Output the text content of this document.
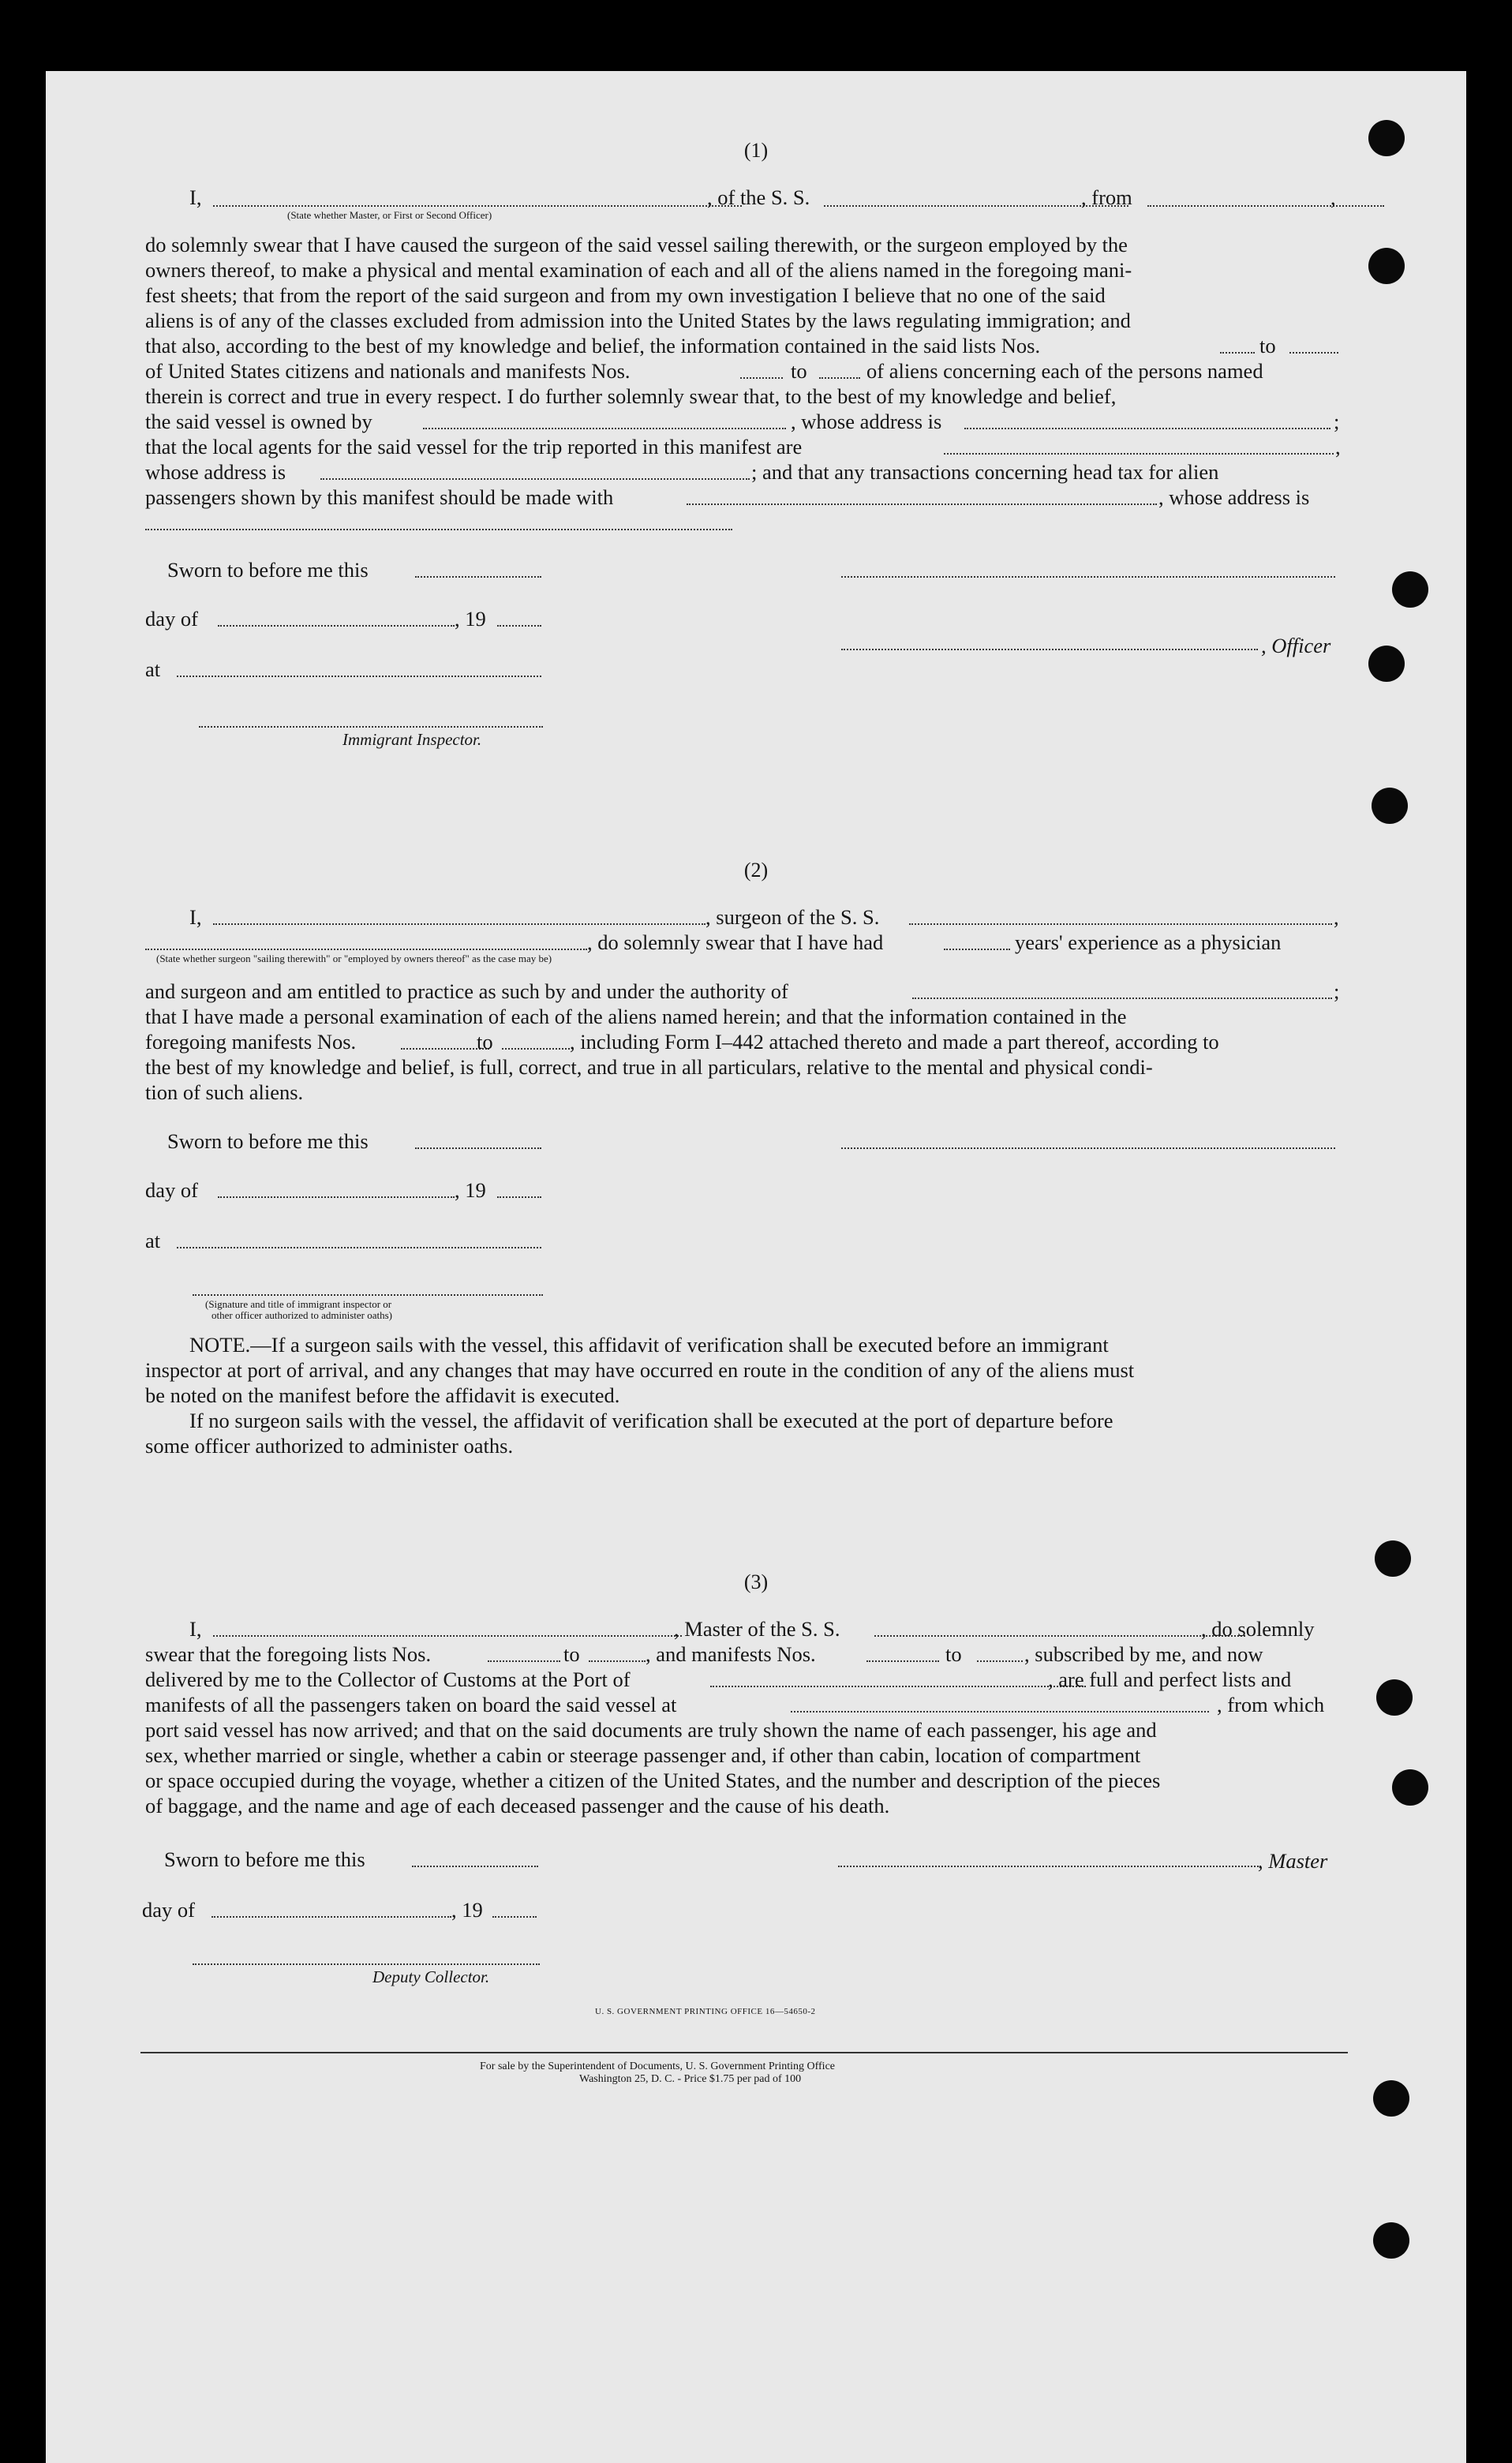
(1)
I,	, of the S. S.	, from	,
(State whether Master, or First or Second Officer)
do solemnly swear that I have caused the surgeon of the said vessel sailing therewith, or the surgeon employed by the
owners thereof, to make a physical and mental examination of each and all of the aliens named in the foregoing mani-
fest sheets; that from the report of the said surgeon and from my own investigation I believe that no one of the said
aliens is of any of the classes excluded from admission into the United States by the laws regulating immigration; and
that also, according to the best of my knowledge and belief, the information contained in the said lists Nos.	to
of United States citizens and nationals and manifests Nos.	to	of aliens concerning each of the persons named
therein is correct and true in every respect. I do further solemnly swear that, to the best of my knowledge and belief,
the said vessel is owned by	, whose address is	;
that the local agents for the said vessel for the trip reported in this manifest are	,
whose address is	; and that any transactions concerning head tax for alien
passengers shown by this manifest should be made with	, whose address is
Sworn to before me this
day of	, 19
, Officer
at
Immigrant Inspector.
(2)
I,	, surgeon of the S. S.	,
, do solemnly swear that I have had	years' experience as a physician
(State whether surgeon "sailing therewith" or "employed by owners thereof" as the case may be)
and surgeon and am entitled to practice as such by and under the authority of	;
that I have made a personal examination of each of the aliens named herein; and that the information contained in the
foregoing manifests Nos.	to	, including Form I–442 attached thereto and made a part thereof, according to
the best of my knowledge and belief, is full, correct, and true in all particulars, relative to the mental and physical condi-
tion of such aliens.
Sworn to before me this
day of	, 19
at
(Signature and title of immigrant inspector or
other officer authorized to administer oaths)
NOTE.—If a surgeon sails with the vessel, this affidavit of verification shall be executed before an immigrant
inspector at port of arrival, and any changes that may have occurred en route in the condition of any of the aliens must
be noted on the manifest before the affidavit is executed.
If no surgeon sails with the vessel, the affidavit of verification shall be executed at the port of departure before
some officer authorized to administer oaths.
(3)
I,	, Master of the S. S.	, do solemnly
swear that the foregoing lists Nos.	to	, and manifests Nos.	to	, subscribed by me, and now
delivered by me to the Collector of Customs at the Port of	, are full and perfect lists and
manifests of all the passengers taken on board the said vessel at	, from which
port said vessel has now arrived; and that on the said documents are truly shown the name of each passenger, his age and
sex, whether married or single, whether a cabin or steerage passenger and, if other than cabin, location of compartment
or space occupied during the voyage, whether a citizen of the United States, and the number and description of the pieces
of baggage, and the name and age of each deceased passenger and the cause of his death.
Sworn to before me this	, Master
day of	, 19
Deputy Collector.
U. S. GOVERNMENT PRINTING OFFICE 16—54650-2
For sale by the Superintendent of Documents, U. S. Government Printing Office
Washington 25, D. C. - Price $1.75 per pad of 100
